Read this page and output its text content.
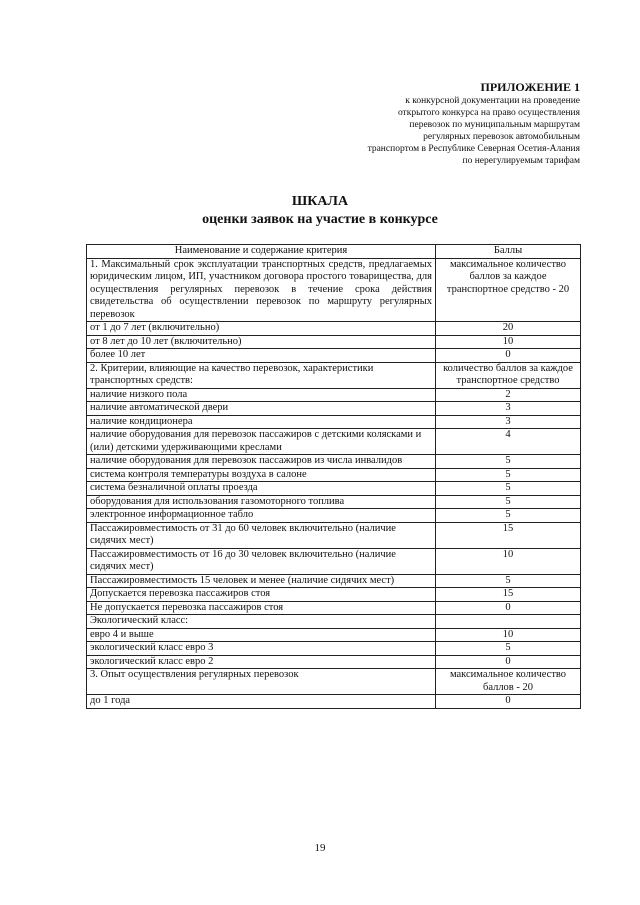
ПРИЛОЖЕНИЕ 1
к конкурсной документации на проведение
открытого конкурса на право осуществления
перевозок по муниципальным маршрутам
регулярных перевозок автомобильным
транспортом в Республике Северная Осетия-Алания
по нерегулируемым тарифам
ШКАЛА
оценки заявок на участие в конкурсе
Наименование и содержание критерия	Баллы
1. Максимальный срок эксплуатации транспортных средств, предлагаемых юридическим лицом, ИП, участником договора простого товарищества, для осуществления регулярных перевозок в течение срока действия свидетельства об осуществлении перевозок по маршруту регулярных перевозок	максимальное количество баллов за каждое транспортное средство - 20
от 1 до 7 лет (включительно)	20
от 8 лет до 10 лет (включительно)	10
более 10 лет	0
2. Критерии, влияющие на качество перевозок, характеристики транспортных средств:	количество баллов за каждое транспортное средство
наличие низкого пола	2
наличие автоматической двери	3
наличие кондиционера	3
наличие оборудования для перевозок пассажиров с детскими колясками и (или) детскими удерживающими креслами	4
наличие оборудования для перевозок пассажиров из числа инвалидов	5
система контроля температуры воздуха в салоне	5
система безналичной оплаты проезда	5
оборудования для использования газомоторного топлива	5
электронное информационное табло	5
Пассажировместимость от 31 до 60 человек включительно (наличие сидячих мест)	15
Пассажировместимость от 16 до 30 человек включительно (наличие сидячих мест)	10
Пассажировместимость 15 человек и менее (наличие сидячих мест)	5
Допускается перевозка пассажиров стоя	15
Не допускается перевозка пассажиров стоя	0
Экологический класс:	
евро 4 и выше	10
экологический класс евро 3	5
экологический класс евро 2	0
3. Опыт осуществления регулярных перевозок	максимальное количество баллов - 20
до 1 года	0
19
